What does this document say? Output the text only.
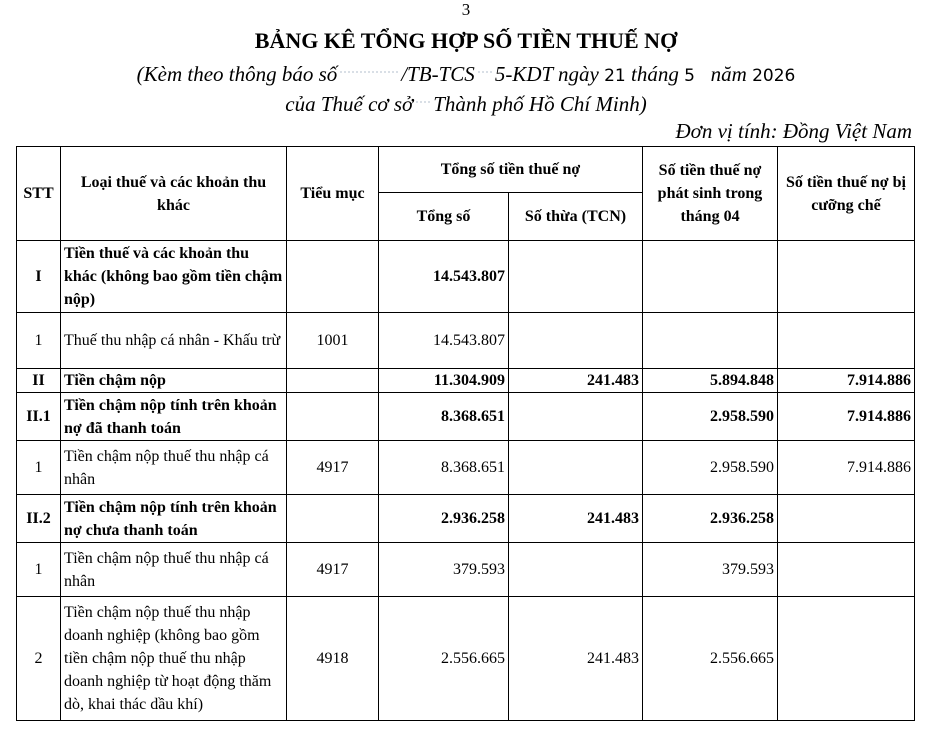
3
BẢNG KÊ TỔNG HỢP SỐ TIỀN THUẾ NỢ
(Kèm theo thông báo số	/TB-TCS 5-KDT ngày 21 tháng 5 năm 2026
của Thuế cơ sở Thành phố Hồ Chí Minh)
Đơn vị tính: Đồng Việt Nam
STT	Loại thuế và các khoản thu khác	Tiểu mục	Tổng số tiền thuế nợ		Số tiền thuế nợ phát sinh trong tháng 04	Số tiền thuế nợ bị cưỡng chế
			Tổng số	Số thừa (TCN)		
I	Tiền thuế và các khoản thu khác (không bao gồm tiền chậm nộp)		14.543.807			
1	Thuế thu nhập cá nhân - Khấu trừ	1001	14.543.807			
II	Tiền chậm nộp		11.304.909	241.483	5.894.848	7.914.886
II.1	Tiền chậm nộp tính trên khoản nợ đã thanh toán		8.368.651		2.958.590	7.914.886
1	Tiền chậm nộp thuế thu nhập cá nhân	4917	8.368.651		2.958.590	7.914.886
II.2	Tiền chậm nộp tính trên khoản nợ chưa thanh toán		2.936.258	241.483	2.936.258	
1	Tiền chậm nộp thuế thu nhập cá nhân	4917	379.593		379.593	
2	Tiền chậm nộp thuế thu nhập doanh nghiệp (không bao gồm tiền chậm nộp thuế thu nhập doanh nghiệp từ hoạt động thăm dò, khai thác dầu khí)	4918	2.556.665	241.483	2.556.665	
